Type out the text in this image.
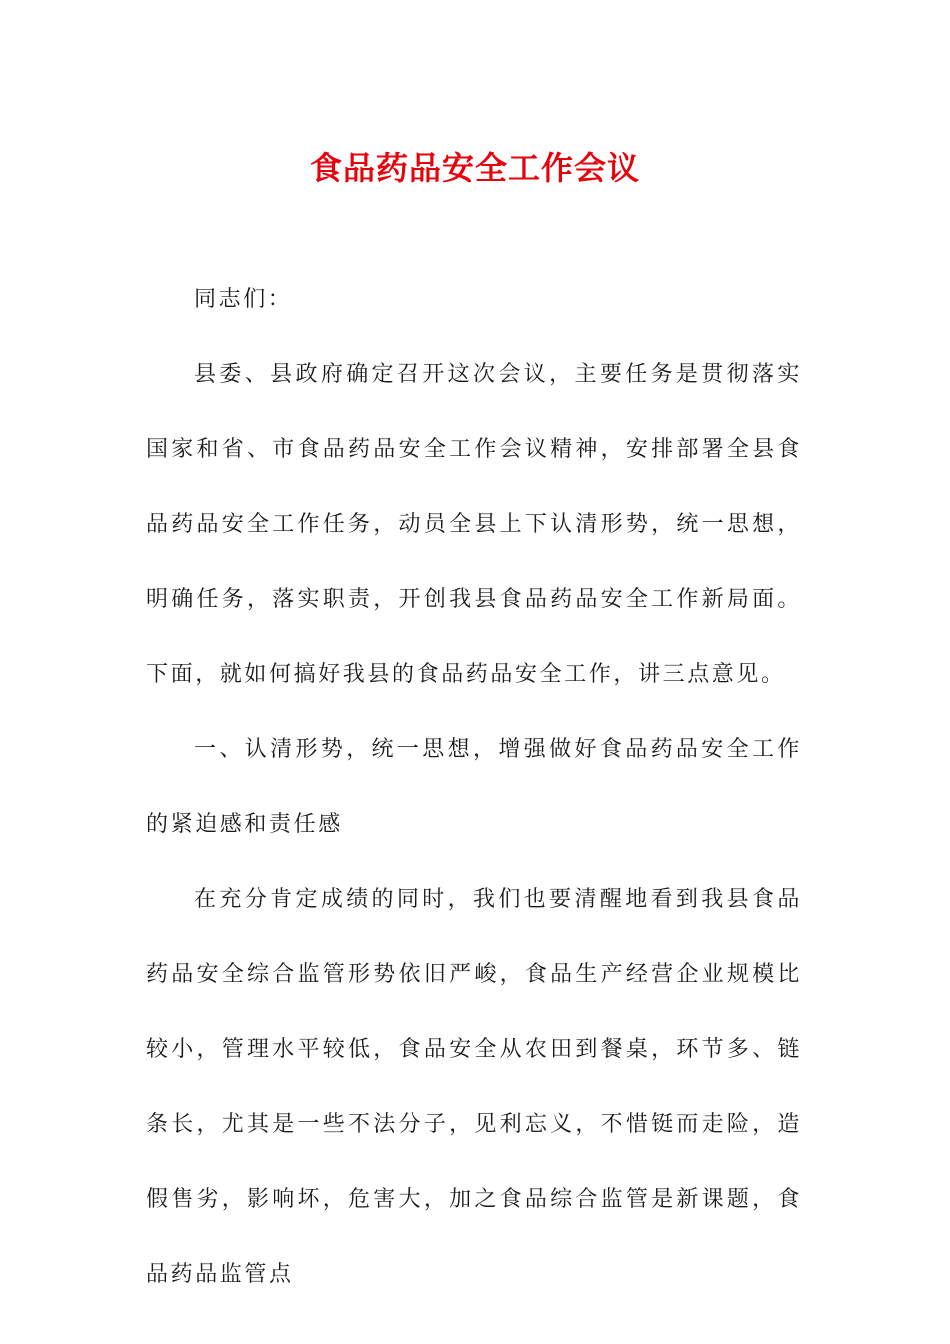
食品药品安全工作会议

同志们：

县委、县政府确定召开这次会议，主要任务是贯彻落实国家和省、市食品药品安全工作会议精神，安排部署全县食品药品安全工作任务，动员全县上下认清形势，统一思想，明确任务，落实职责，开创我县食品药品安全工作新局面。下面，就如何搞好我县的食品药品安全工作，讲三点意见。

一、认清形势，统一思想，增强做好食品药品安全工作的紧迫感和责任感

在充分肯定成绩的同时，我们也要清醒地看到我县食品药品安全综合监管形势依旧严峻，食品生产经营企业规模比较小，管理水平较低，食品安全从农田到餐桌，环节多、链条长，尤其是一些不法分子，见利忘义，不惜铤而走险，造假售劣，影响坏，危害大，加之食品综合监管是新课题，食品药品监管点
